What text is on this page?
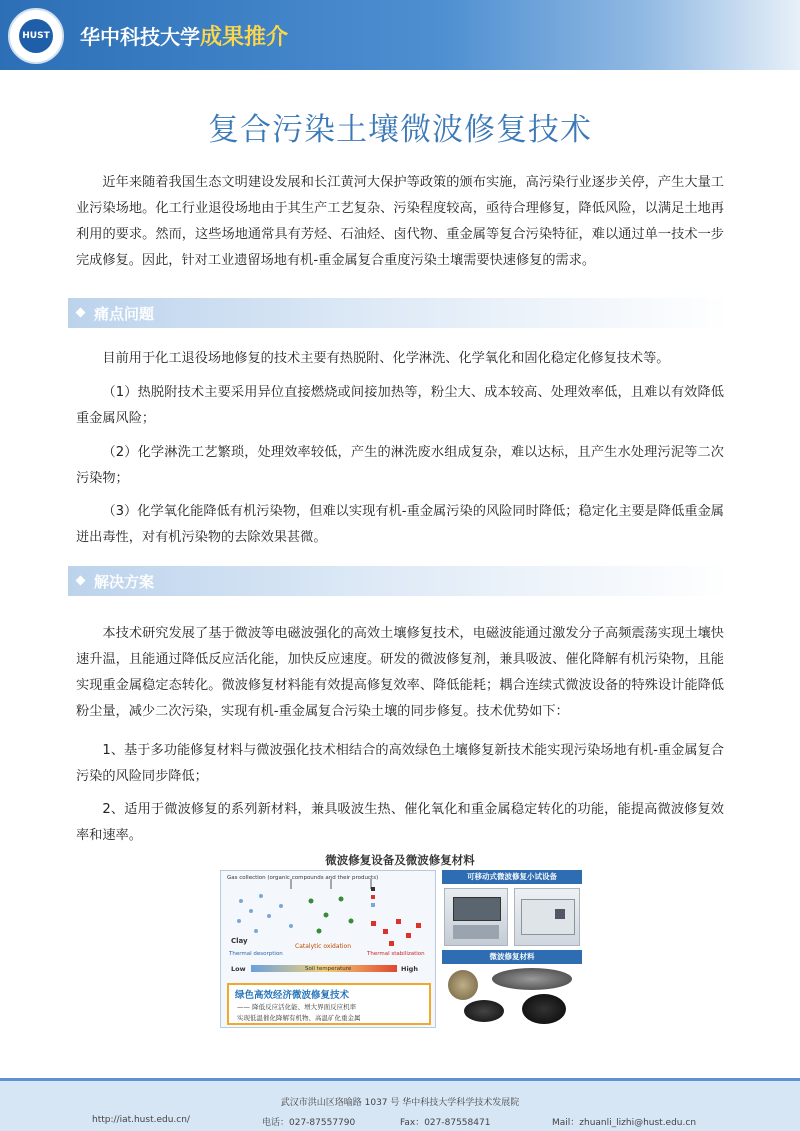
HUST 华中科技大学成果推介
复合污染土壤微波修复技术

近年来随着我国生态文明建设发展和长江黄河大保护等政策的颁布实施，高污染行业逐步关停，产生大量工业污染场地。化工行业退役场地由于其生产工艺复杂、污染程度较高，亟待合理修复，降低风险，以满足土地再利用的要求。然而，这些场地通常具有芳烃、石油烃、卤代物、重金属等复合污染特征，难以通过单一技术一步完成修复。因此，针对工业遗留场地有机-重金属复合重度污染土壤需要快速修复的需求。

痛点问题

目前用于化工退役场地修复的技术主要有热脱附、化学淋洗、化学氧化和固化稳定化修复技术等。

（1）热脱附技术主要采用异位直接燃烧或间接加热等，粉尘大、成本较高、处理效率低，且难以有效降低重金属风险；

（2）化学淋洗工艺繁琐，处理效率较低，产生的淋洗废水组成复杂，难以达标，且产生水处理污泥等二次污染物；

（3）化学氧化能降低有机污染物，但难以实现有机-重金属污染的风险同时降低；稳定化主要是降低重金属迸出毒性，对有机污染物的去除效果甚微。

解决方案

本技术研究发展了基于微波等电磁波强化的高效土壤修复技术，电磁波能通过激发分子高频震荡实现土壤快速升温，且能通过降低反应活化能，加快反应速度。研发的微波修复剂，兼具吸波、催化降解有机污染物，且能实现重金属稳定态转化。微波修复材料能有效提高修复效率、降低能耗；耦合连续式微波设备的特殊设计能降低粉尘量，减少二次污染，实现有机-重金属复合污染土壤的同步修复。技术优势如下：

1、基于多功能修复材料与微波强化技术相结合的高效绿色土壤修复新技术能实现污染场地有机-重金属复合污染的风险同步降低；

2、适用于微波修复的系列新材料，兼具吸波生热、催化氧化和重金属稳定转化的功能，能提高微波修复效率和速率。

微波修复设备及微波修复材料
Gas collection (organic compounds and their products)
Clay
Catalytic oxidation
Thermal desorption	Thermal stabilization
Low	Soil temperature	High
绿色高效经济微波修复技术
—— 降低反应活化能、增大界面反应机率
实现低温催化降解有机物、高温矿化重金属
可移动式微波修复小试设备
微波修复材料
武汉市洪山区珞喻路 1037 号 华中科技大学科学技术发展院
http://iat.hust.edu.cn/	电话：027-87557790	Fax：027-87558471	Mail：zhuanli_lizhi@hust.edu.cn
